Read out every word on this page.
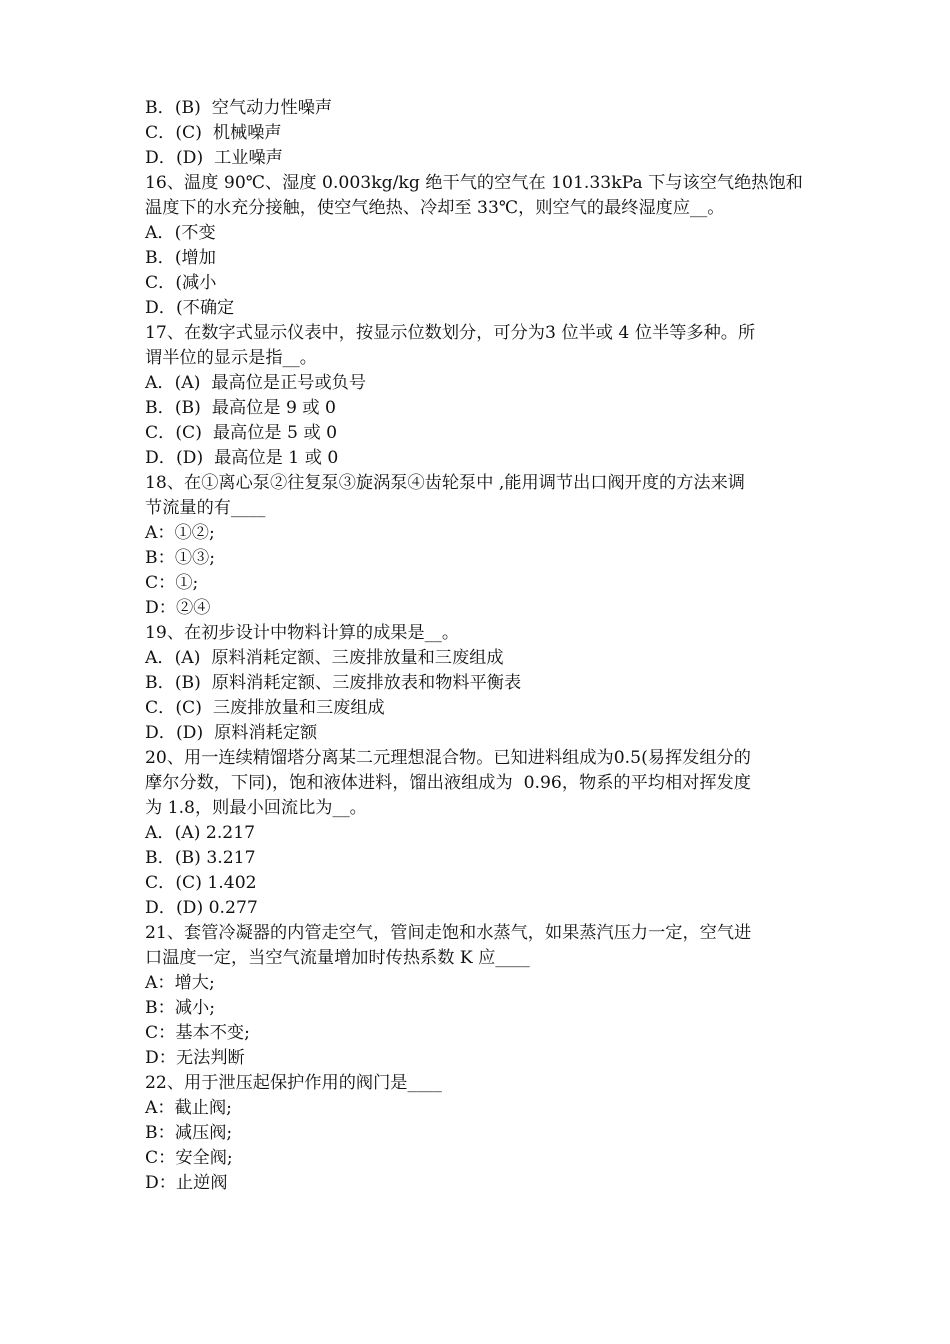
B．(B)  空气动力性噪声
C．(C)  机械噪声
D．(D)  工业噪声
16、温度 90℃、湿度 0.003kg/kg 绝干气的空气在 101.33kPa 下与该空气绝热饱和
温度下的水充分接触，使空气绝热、冷却至 33℃，则空气的最终湿度应__。
A．(不变
B．(增加
C．(减小
D．(不确定
17、在数字式显示仪表中，按显示位数划分，可分为3 位半或 4 位半等多种。所
谓半位的显示是指__。
A．(A)  最高位是正号或负号
B．(B)  最高位是 9 或 0
C．(C)  最高位是 5 或 0
D．(D)  最高位是 1 或 0
18、在①离心泵②往复泵③旋涡泵④齿轮泵中 ,能用调节出口阀开度的方法来调
节流量的有____
A：①②;
B：①③;
C：①;
D：②④
19、在初步设计中物料计算的成果是__。
A．(A)  原料消耗定额、三废排放量和三废组成
B．(B)  原料消耗定额、三废排放表和物料平衡表
C．(C)  三废排放量和三废组成
D．(D)  原料消耗定额
20、用一连续精馏塔分离某二元理想混合物。已知进料组成为0.5(易挥发组分的
摩尔分数，下同)，饱和液体进料，馏出液组成为  0.96，物系的平均相对挥发度
为 1.8，则最小回流比为__。
A．(A) 2.217
B．(B) 3.217
C．(C) 1.402
D．(D) 0.277
21、套管冷凝器的内管走空气，管间走饱和水蒸气，如果蒸汽压力一定，空气进
口温度一定，当空气流量增加时传热系数 K 应____
A：增大;
B：减小;
C：基本不变;
D：无法判断
22、用于泄压起保护作用的阀门是____
A：截止阀;
B：减压阀;
C：安全阀;
D：止逆阀
